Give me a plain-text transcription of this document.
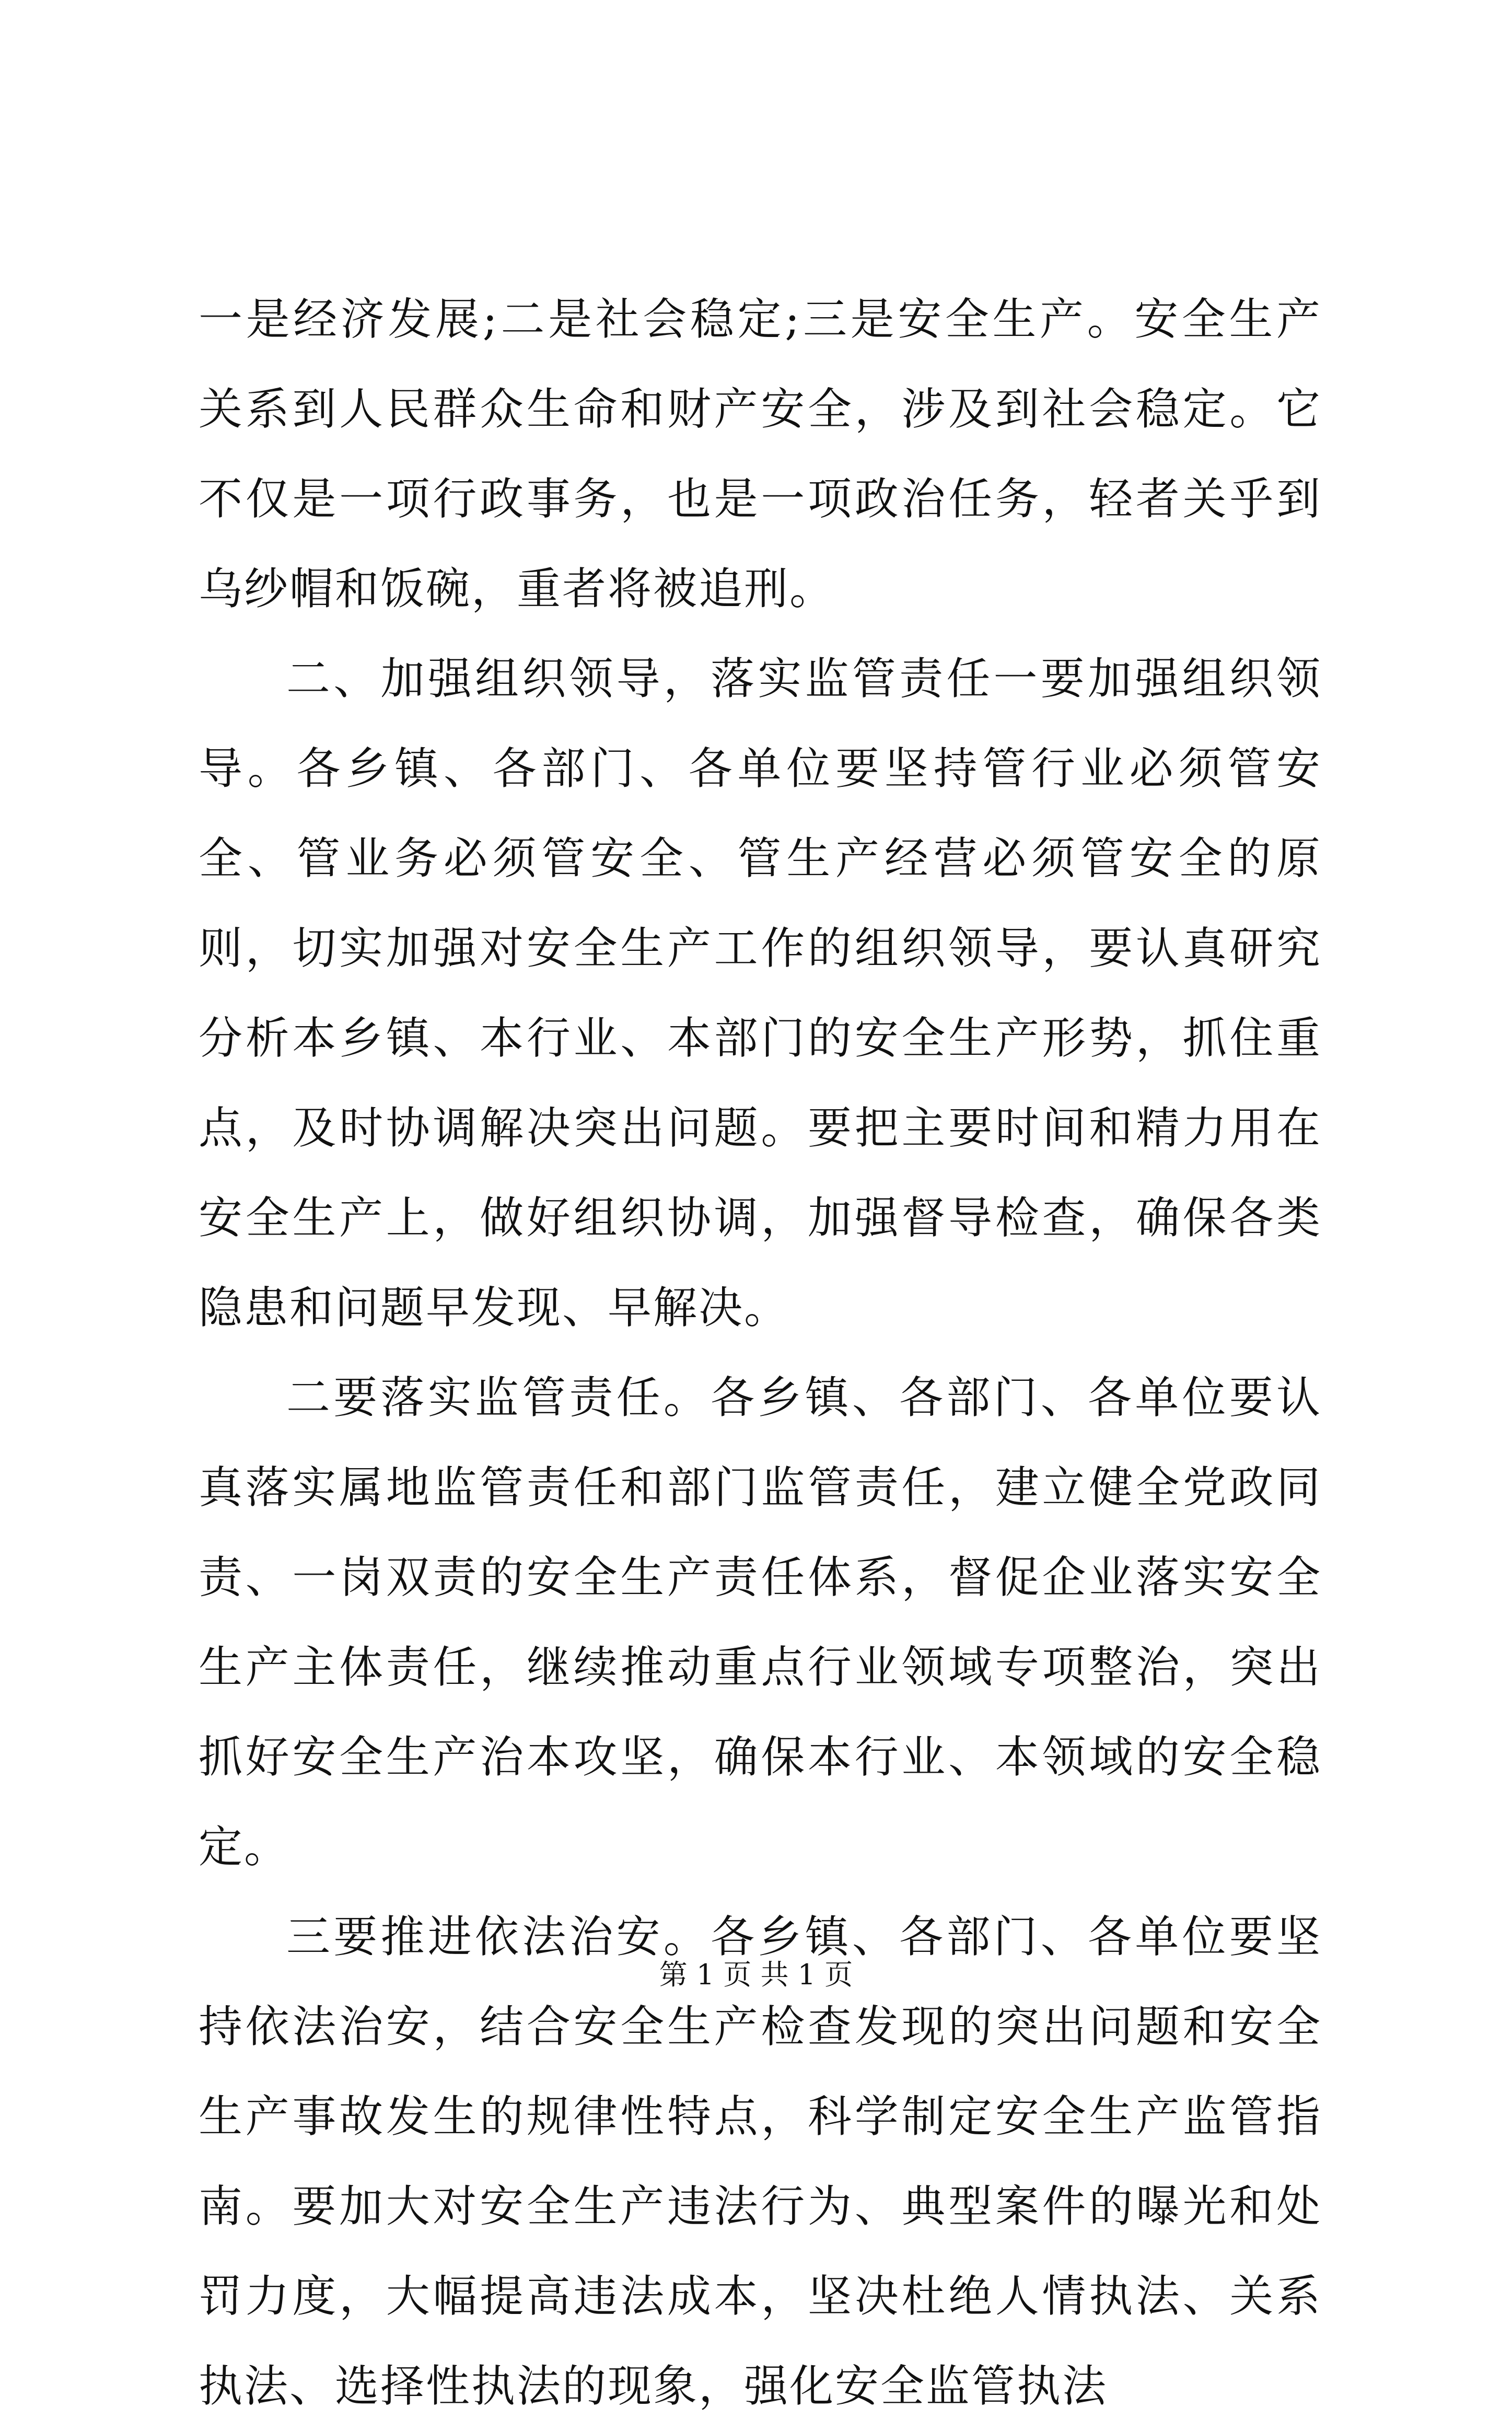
一是经济发展;二是社会稳定;三是安全生产。安全生产关系到人民群众生命和财产安全，涉及到社会稳定。它不仅是一项行政事务，也是一项政治任务，轻者关乎到乌纱帽和饭碗，重者将被追刑。

二、加强组织领导，落实监管责任一要加强组织领导。各乡镇、各部门、各单位要坚持管行业必须管安全、管业务必须管安全、管生产经营必须管安全的原则，切实加强对安全生产工作的组织领导，要认真研究分析本乡镇、本行业、本部门的安全生产形势，抓住重点，及时协调解决突出问题。要把主要时间和精力用在安全生产上，做好组织协调，加强督导检查，确保各类隐患和问题早发现、早解决。

二要落实监管责任。各乡镇、各部门、各单位要认真落实属地监管责任和部门监管责任，建立健全党政同责、一岗双责的安全生产责任体系，督促企业落实安全生产主体责任，继续推动重点行业领域专项整治，突出抓好安全生产治本攻坚，确保本行业、本领域的安全稳定。

三要推进依法治安。各乡镇、各部门、各单位要坚持依法治安，结合安全生产检查发现的突出问题和安全生产事故发生的规律性特点，科学制定安全生产监管指南。要加大对安全生产违法行为、典型案件的曝光和处罚力度，大幅提高违法成本，坚决杜绝人情执法、关系执法、选择性执法的现象，强化安全监管执法

第 1 页 共 1 页
